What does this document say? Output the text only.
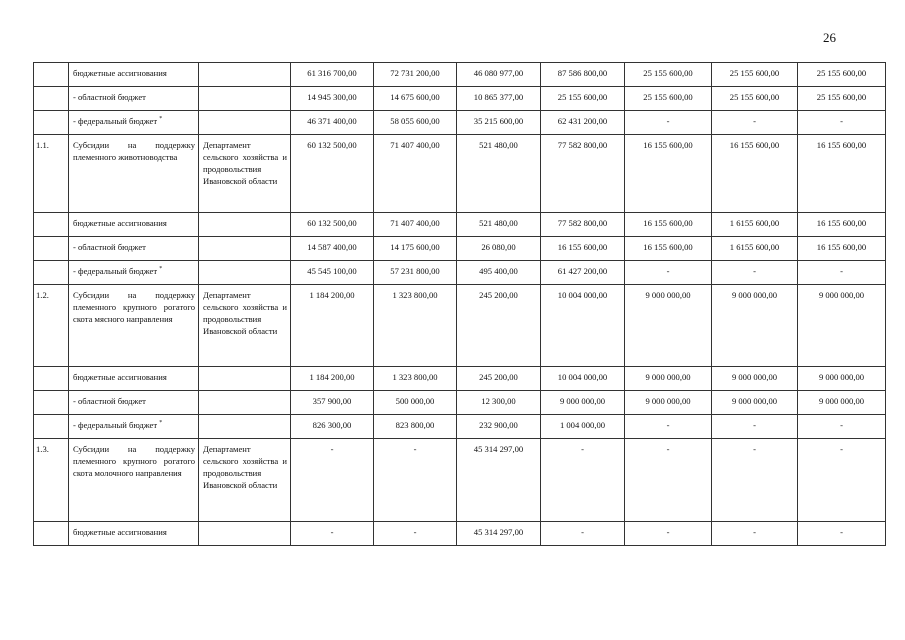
26
	бюджетные ассигнования		61 316 700,00	72 731 200,00	46 080 977,00	87 586 800,00	25 155 600,00	25 155 600,00	25 155 600,00
	- областной бюджет		14 945 300,00	14 675 600,00	10 865 377,00	25 155 600,00	25 155 600,00	25 155 600,00	25 155 600,00
	- федеральный бюджет *		46 371 400,00	58 055 600,00	35 215 600,00	62 431 200,00	-	-	-
1.1.	Субсидии на поддержку племенного животноводства	Департамент сельского хозяйства и продовольствия Ивановской области	60 132 500,00	71 407 400,00	521 480,00	77 582 800,00	16 155 600,00	16 155 600,00	16 155 600,00
	бюджетные ассигнования		60 132 500,00	71 407 400,00	521 480,00	77 582 800,00	16 155 600,00	1 6155 600,00	16 155 600,00
	- областной бюджет		14 587 400,00	14 175 600,00	26 080,00	16 155 600,00	16 155 600,00	1 6155 600,00	16 155 600,00
	- федеральный бюджет *		45 545 100,00	57 231 800,00	495 400,00	61 427 200,00	-	-	-
1.2.	Субсидии на поддержку племенного крупного рогатого скота мясного направления	Департамент сельского хозяйства и продовольствия Ивановской области	1 184 200,00	1 323 800,00	245 200,00	10 004 000,00	9 000 000,00	9 000 000,00	9 000 000,00
	бюджетные ассигнования		1 184 200,00	1 323 800,00	245 200,00	10 004 000,00	9 000 000,00	9 000 000,00	9 000 000,00
	- областной бюджет		357 900,00	500 000,00	12 300,00	9 000 000,00	9 000 000,00	9 000 000,00	9 000 000,00
	- федеральный бюджет *		826 300,00	823 800,00	232 900,00	1 004 000,00	-	-	-
1.3.	Субсидии на поддержку племенного крупного рогатого скота молочного направления	Департамент сельского хозяйства и продовольствия Ивановской области	-	-	45 314 297,00	-	-	-	-
	бюджетные ассигнования		-	-	45 314 297,00	-	-	-	-
